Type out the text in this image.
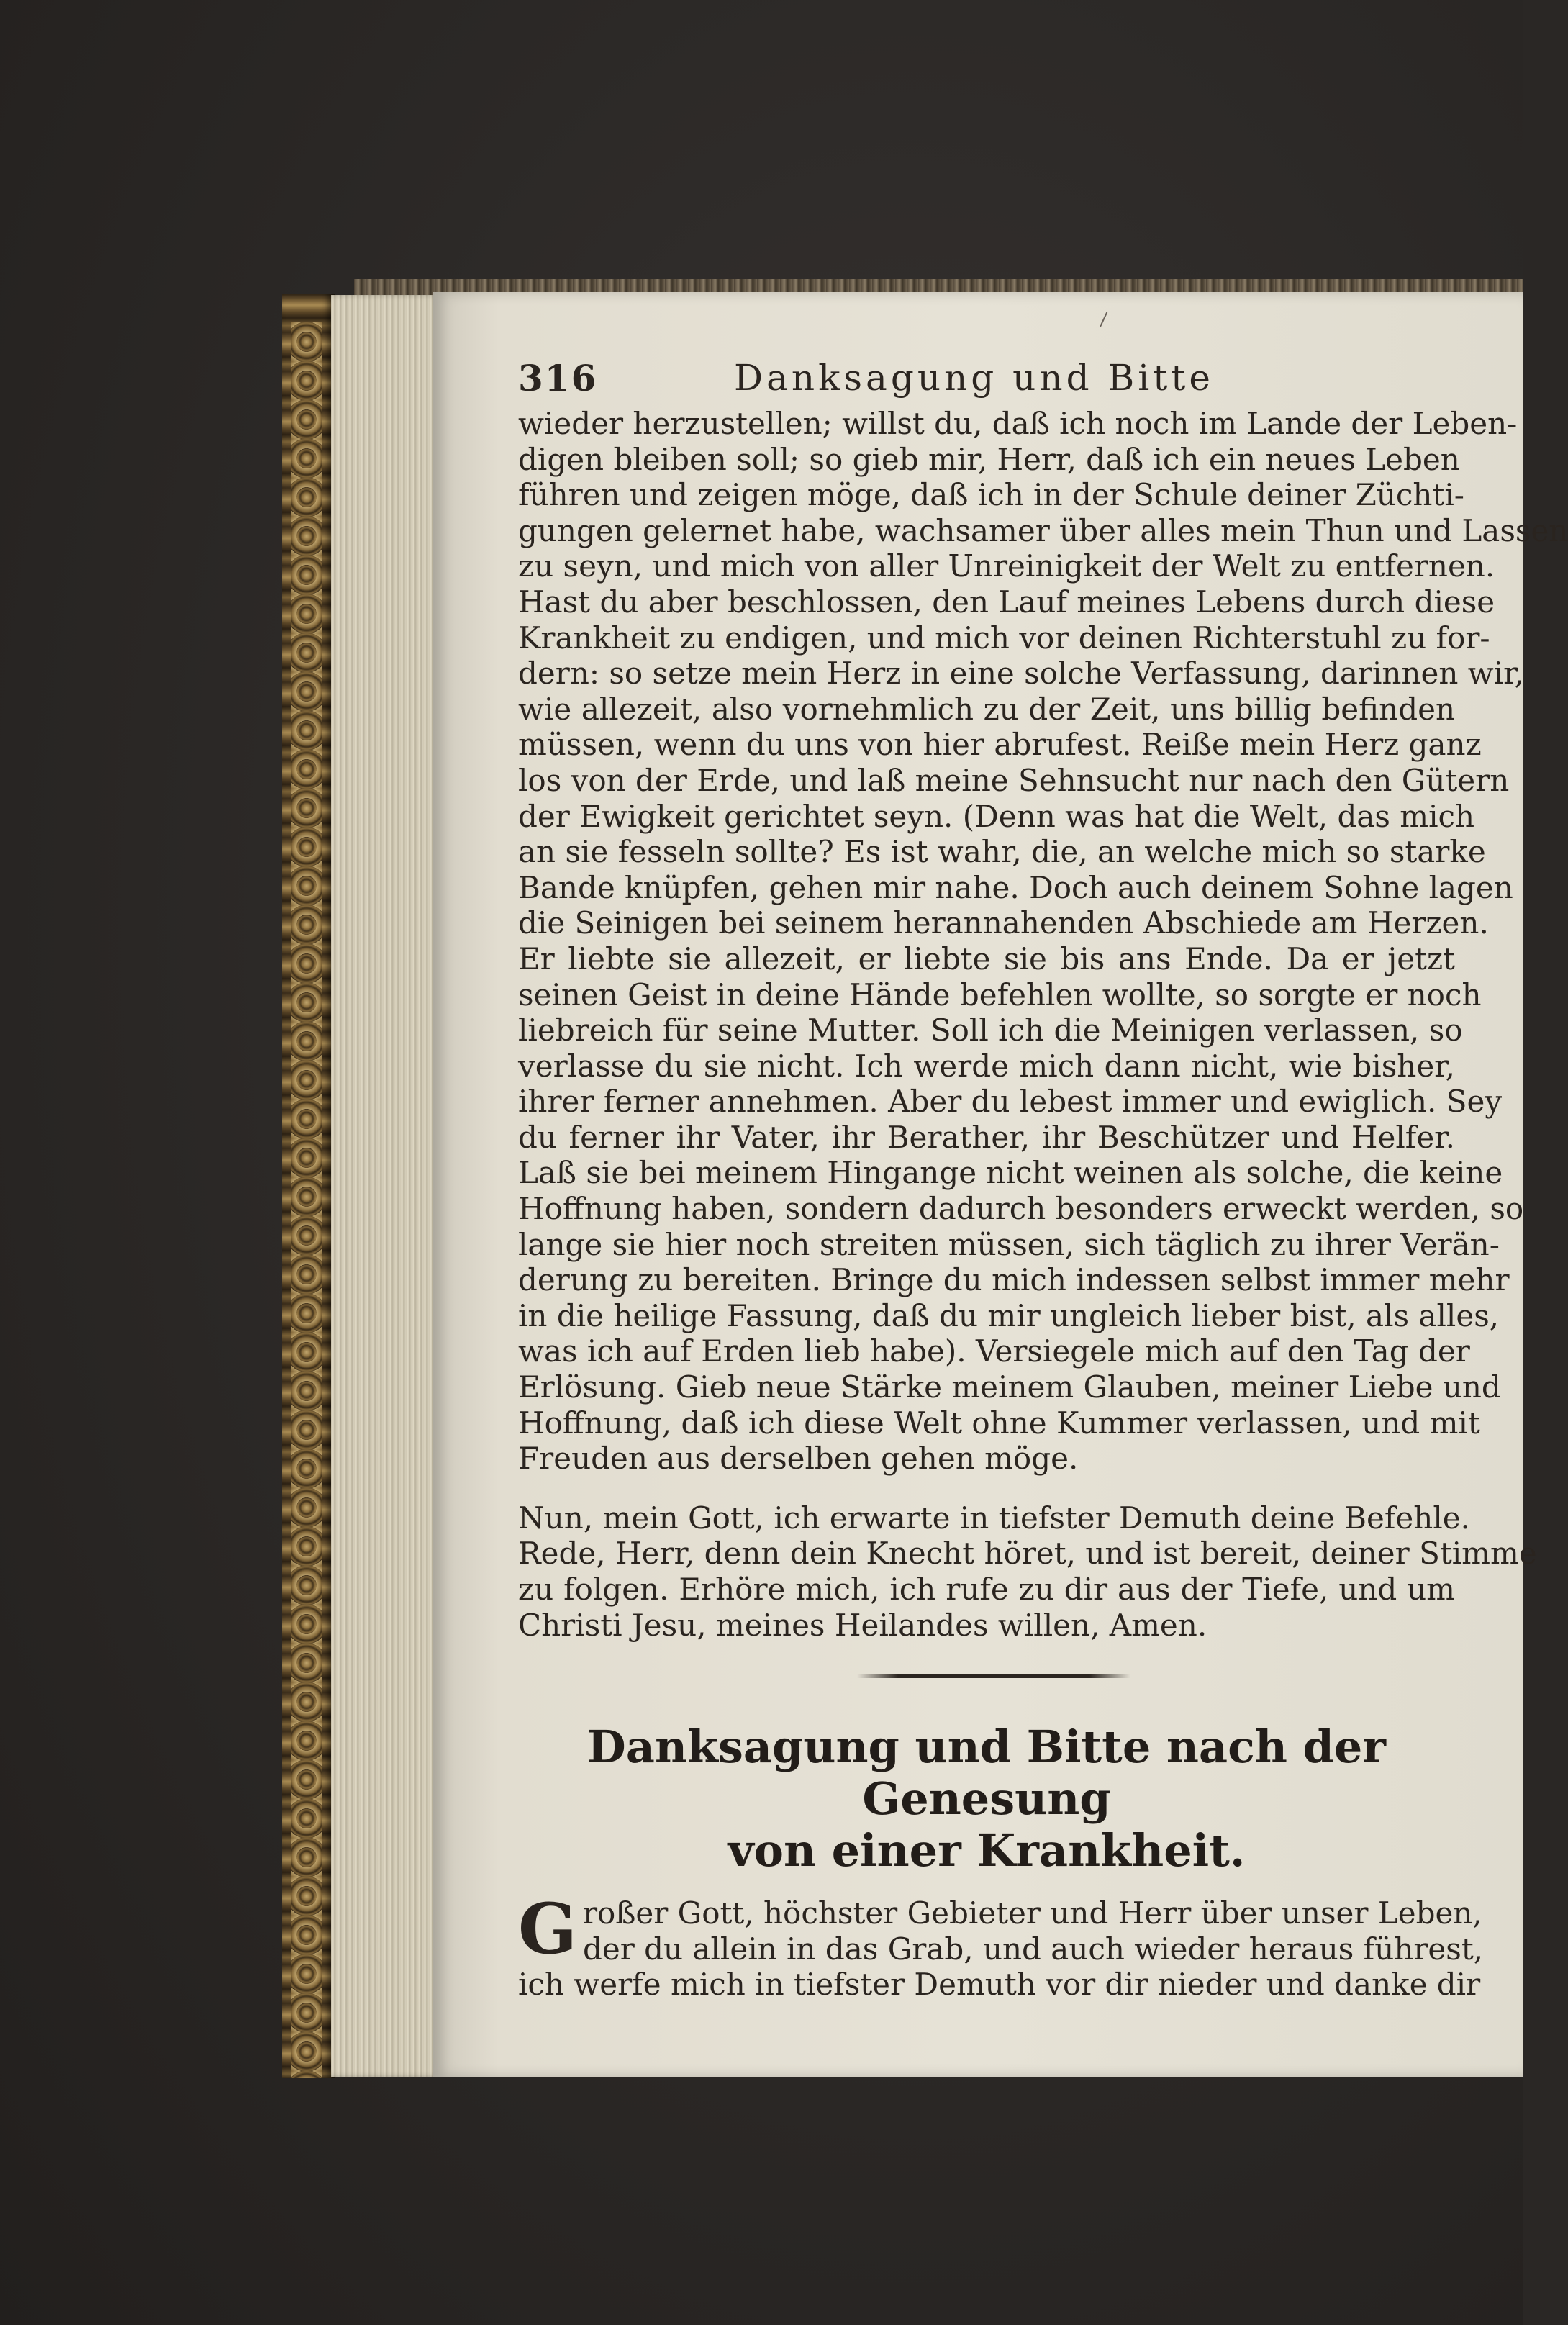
316	Danksagung und Bitte
wieder herzustellen; willst du, daß ich noch im Lande der Leben-
digen bleiben soll; so gieb mir, Herr, daß ich ein neues Leben
führen und zeigen möge, daß ich in der Schule deiner Züchti-
gungen gelernet habe, wachsamer über alles mein Thun und Lassen
zu seyn, und mich von aller Unreinigkeit der Welt zu entfernen.
Hast du aber beschlossen, den Lauf meines Lebens durch diese
Krankheit zu endigen, und mich vor deinen Richterstuhl zu for-
dern: so setze mein Herz in eine solche Verfassung, darinnen wir,
wie allezeit, also vornehmlich zu der Zeit, uns billig befinden
müssen, wenn du uns von hier abrufest. Reiße mein Herz ganz
los von der Erde, und laß meine Sehnsucht nur nach den Gütern
der Ewigkeit gerichtet seyn. (Denn was hat die Welt, das mich
an sie fesseln sollte? Es ist wahr, die, an welche mich so starke
Bande knüpfen, gehen mir nahe. Doch auch deinem Sohne lagen
die Seinigen bei seinem herannahenden Abschiede am Herzen.
Er liebte sie allezeit, er liebte sie bis ans Ende. Da er jetzt
seinen Geist in deine Hände befehlen wollte, so sorgte er noch
liebreich für seine Mutter. Soll ich die Meinigen verlassen, so
verlasse du sie nicht. Ich werde mich dann nicht, wie bisher,
ihrer ferner annehmen. Aber du lebest immer und ewiglich. Sey
du ferner ihr Vater, ihr Berather, ihr Beschützer und Helfer.
Laß sie bei meinem Hingange nicht weinen als solche, die keine
Hoffnung haben, sondern dadurch besonders erweckt werden, so
lange sie hier noch streiten müssen, sich täglich zu ihrer Verän-
derung zu bereiten. Bringe du mich indessen selbst immer mehr
in die heilige Fassung, daß du mir ungleich lieber bist, als alles,
was ich auf Erden lieb habe). Versiegele mich auf den Tag der
Erlösung. Gieb neue Stärke meinem Glauben, meiner Liebe und
Hoffnung, daß ich diese Welt ohne Kummer verlassen, und mit
Freuden aus derselben gehen möge.
Nun, mein Gott, ich erwarte in tiefster Demuth deine Befehle.
Rede, Herr, denn dein Knecht höret, und ist bereit, deiner Stimme
zu folgen. Erhöre mich, ich rufe zu dir aus der Tiefe, und um
Christi Jesu, meines Heilandes willen, Amen.
Danksagung und Bitte nach der Genesung
von einer Krankheit.
G roßer Gott, höchster Gebieter und Herr über unser Leben,
der du allein in das Grab, und auch wieder heraus führest,
ich werfe mich in tiefster Demuth vor dir nieder und danke dir
